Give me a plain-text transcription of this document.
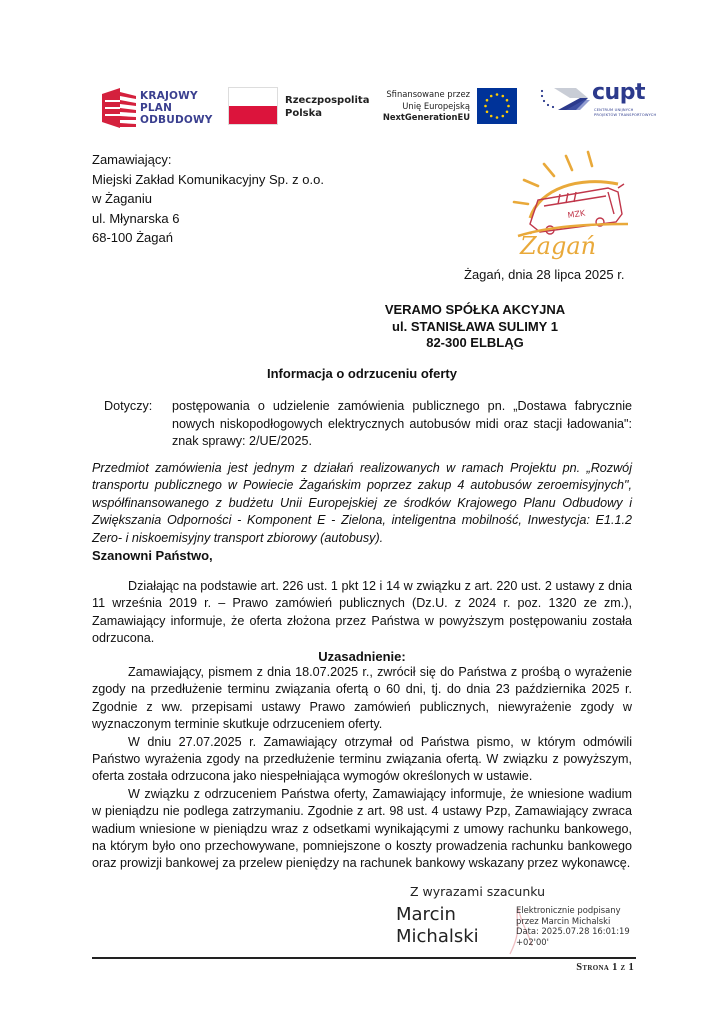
KRAJOWY
PLAN
ODBUDOWY
Rzeczpospolita
Polska
Sfinansowane przez
Unię Europejską
NextGenerationEU
cupt
CENTRUM UNIJNYCH
PROJEKTÓW TRANSPORTOWYCH
Zamawiający:
Miejski Zakład Komunikacyjny Sp. z o.o.
w Żaganiu
ul. Młynarska 6
68-100 Żagań
MZK
Żagań
Żagań, dnia 28 lipca 2025 r.
VERAMO SPÓŁKA AKCYJNA
ul. STANISŁAWA SULIMY 1
82-300 ELBLĄG
Informacja o odrzuceniu oferty
Dotyczy: postępowania o udzielenie zamówienia publicznego pn. „Dostawa fabrycznie nowych niskopodłogowych elektrycznych autobusów midi oraz stacji ładowania": znak sprawy: 2/UE/2025.
Przedmiot zamówienia jest jednym z działań realizowanych w ramach Projektu pn. „Rozwój transportu publicznego w Powiecie Żagańskim poprzez zakup 4 autobusów zeroemisyjnych", współfinansowanego z budżetu Unii Europejskiej ze środków Krajowego Planu Odbudowy i Zwiększania Odporności - Komponent E - Zielona, inteligentna mobilność, Inwestycja: E1.1.2 Zero- i niskoemisyjny transport zbiorowy (autobusy).
Szanowni Państwo,
Działając na podstawie art. 226 ust. 1 pkt 12 i 14 w związku z art. 220 ust. 2 ustawy z dnia 11 września 2019 r. – Prawo zamówień publicznych (Dz.U. z 2024 r. poz. 1320 ze zm.), Zamawiający informuje, że oferta złożona przez Państwa w powyższym postępowaniu została odrzucona.
Uzasadnienie:
Zamawiający, pismem z dnia 18.07.2025 r., zwrócił się do Państwa z prośbą o wyrażenie zgody na przedłużenie terminu związania ofertą o 60 dni, tj. do dnia 23 października 2025 r. Zgodnie z ww. przepisami ustawy Prawo zamówień publicznych, niewyrażenie zgody w wyznaczonym terminie skutkuje odrzuceniem oferty.
W dniu 27.07.2025 r. Zamawiający otrzymał od Państwa pismo, w którym odmówili Państwo wyrażenia zgody na przedłużenie terminu związania ofertą. W związku z powyższym, oferta została odrzucona jako niespełniająca wymogów określonych w ustawie.
W związku z odrzuceniem Państwa oferty, Zamawiający informuje, że wniesione wadium w pieniądzu nie podlega zatrzymaniu. Zgodnie z art. 98 ust. 4 ustawy Pzp, Zamawiający zwraca wadium wniesione w pieniądzu wraz z odsetkami wynikającymi z umowy rachunku bankowego, na którym było ono przechowywane, pomniejszone o koszty prowadzenia rachunku bankowego oraz prowizji bankowej za przelew pieniędzy na rachunek bankowy wskazany przez wykonawcę.
Z wyrazami szacunku
Marcin
Michalski
Elektronicznie podpisany
przez Marcin Michalski
Data: 2025.07.28 16:01:19
+02'00'
Strona 1 z 1
